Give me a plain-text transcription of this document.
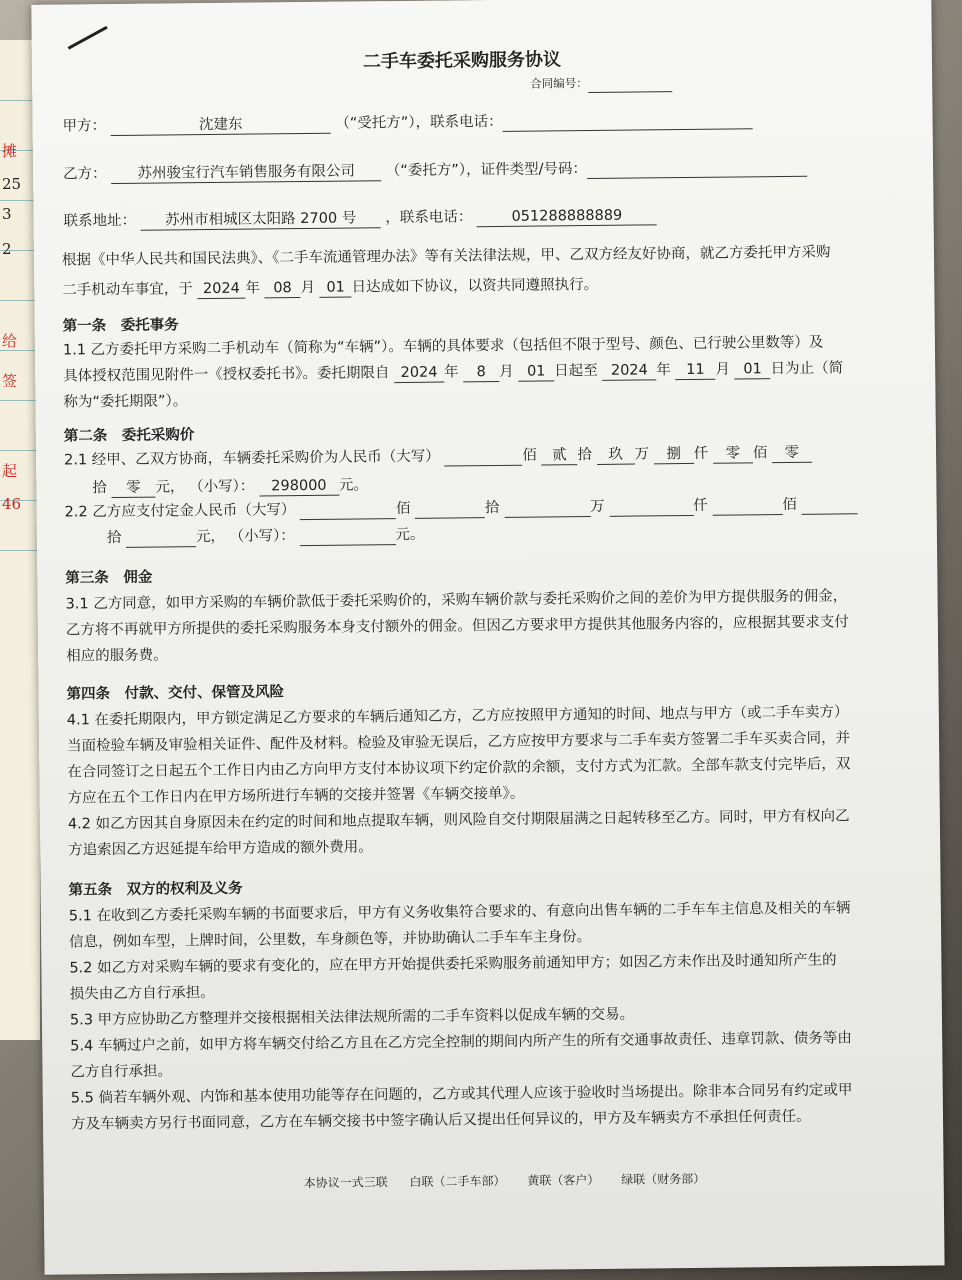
摊
25
3
2
给
签
起
46
二手车委托采购服务协议
合同编号：
甲方：	沈建东	（“受托方”），联系电话：
乙方： 苏州骏宝行汽车销售服务有限公司 （“委托方”），证件类型/号码：
联系地址： 苏州市相城区太阳路 2700 号 ，联系电话：	051288888889
根据《中华人民共和国民法典》、《二手车流通管理办法》等有关法律法规，甲、乙双方经友好协商，就乙方委托甲方采购
二手机动车事宜，于 2024 年 08 月 01 日达成如下协议，以资共同遵照执行。
第一条　委托事务
1.1 乙方委托甲方采购二手机动车（简称为“车辆”）。车辆的具体要求（包括但不限于型号、颜色、已行驶公里数等）及
具体授权范围见附件一《授权委托书》。委托期限自 2024 年 8 月 01 日起至 2024 年 11 月 01 日为止（简
称为“委托期限”）。
第二条　委托采购价
2.1 经甲、乙双方协商，车辆委托采购价为人民币（大写）	佰 贰 拾 玖 万 捌 仟 零 佰 零
拾 零 元， （小写）： 298000 元。
2.2 乙方应支付定金人民币（大写）	佰	拾	万	仟	佰
拾	元， （小写）：	元。
第三条　佣金
3.1 乙方同意，如甲方采购的车辆价款低于委托采购价的，采购车辆价款与委托采购价之间的差价为甲方提供服务的佣金，
乙方将不再就甲方所提供的委托采购服务本身支付额外的佣金。但因乙方要求甲方提供其他服务内容的，应根据其要求支付
相应的服务费。
第四条　付款、交付、保管及风险
4.1 在委托期限内，甲方锁定满足乙方要求的车辆后通知乙方，乙方应按照甲方通知的时间、地点与甲方（或二手车卖方）
当面检验车辆及审验相关证件、配件及材料。检验及审验无误后，乙方应按甲方要求与二手车卖方签署二手车买卖合同，并
在合同签订之日起五个工作日内由乙方向甲方支付本协议项下约定价款的余额，支付方式为汇款。全部车款支付完毕后，双
方应在五个工作日内在甲方场所进行车辆的交接并签署《车辆交接单》。
4.2 如乙方因其自身原因未在约定的时间和地点提取车辆，则风险自交付期限届满之日起转移至乙方。同时，甲方有权向乙
方追索因乙方迟延提车给甲方造成的额外费用。
第五条　双方的权利及义务
5.1 在收到乙方委托采购车辆的书面要求后，甲方有义务收集符合要求的、有意向出售车辆的二手车车主信息及相关的车辆
信息，例如车型，上牌时间，公里数，车身颜色等，并协助确认二手车车主身份。
5.2 如乙方对采购车辆的要求有变化的，应在甲方开始提供委托采购服务前通知甲方；如因乙方未作出及时通知所产生的
损失由乙方自行承担。
5.3 甲方应协助乙方整理并交接根据相关法律法规所需的二手车资料以促成车辆的交易。
5.4 车辆过户之前，如甲方将车辆交付给乙方且在乙方完全控制的期间内所产生的所有交通事故责任、违章罚款、债务等由
乙方自行承担。
5.5 倘若车辆外观、内饰和基本使用功能等存在问题的，乙方或其代理人应该于验收时当场提出。除非本合同另有约定或甲
方及车辆卖方另行书面同意，乙方在车辆交接书中签字确认后又提出任何异议的，甲方及车辆卖方不承担任何责任。
本协议一式三联 白联（二手车部） 黄联（客户） 绿联（财务部）
